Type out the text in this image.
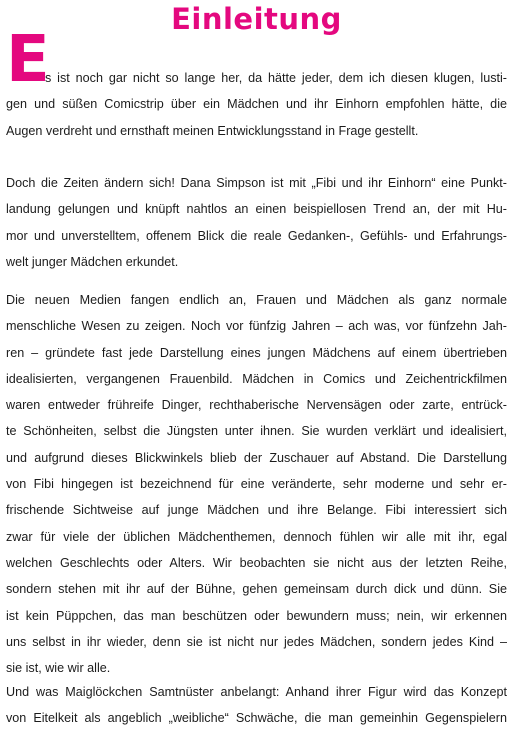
Einleitung
E
s ist noch gar nicht so lange her, da hätte jeder, dem ich diesen klugen, lusti-
gen und süßen Comicstrip über ein Mädchen und ihr Einhorn empfohlen hätte, die
Augen verdreht und ernsthaft meinen Entwicklungsstand in Frage gestellt.
Doch die Zeiten ändern sich! Dana Simpson ist mit „Fibi und ihr Einhorn“ eine Punkt-
landung gelungen und knüpft nahtlos an einen beispiellosen Trend an, der mit Hu-
mor und unverstelltem, offenem Blick die reale Gedanken-, Gefühls- und Erfahrungs-
welt junger Mädchen erkundet.
Die neuen Medien fangen endlich an, Frauen und Mädchen als ganz normale
menschliche Wesen zu zeigen. Noch vor fünfzig Jahren – ach was, vor fünfzehn Jah-
ren – gründete fast jede Darstellung eines jungen Mädchens auf einem übertrieben
idealisierten, vergangenen Frauenbild. Mädchen in Comics und Zeichentrickfilmen
waren entweder frühreife Dinger, rechthaberische Nervensägen oder zarte, entrück-
te Schönheiten, selbst die Jüngsten unter ihnen. Sie wurden verklärt und idealisiert,
und aufgrund dieses Blickwinkels blieb der Zuschauer auf Abstand. Die Darstellung
von Fibi hingegen ist bezeichnend für eine veränderte, sehr moderne und sehr er-
frischende Sichtweise auf junge Mädchen und ihre Belange. Fibi interessiert sich
zwar für viele der üblichen Mädchenthemen, dennoch fühlen wir alle mit ihr, egal
welchen Geschlechts oder Alters. Wir beobachten sie nicht aus der letzten Reihe,
sondern stehen mit ihr auf der Bühne, gehen gemeinsam durch dick und dünn. Sie
ist kein Püppchen, das man beschützen oder bewundern muss; nein, wir erkennen
uns selbst in ihr wieder, denn sie ist nicht nur jedes Mädchen, sondern jedes Kind –
sie ist, wie wir alle.
Und was Maiglöckchen Samtnüster anbelangt: Anhand ihrer Figur wird das Konzept
von Eitelkeit als angeblich „weibliche“ Schwäche, die man gemeinhin Gegenspielern
